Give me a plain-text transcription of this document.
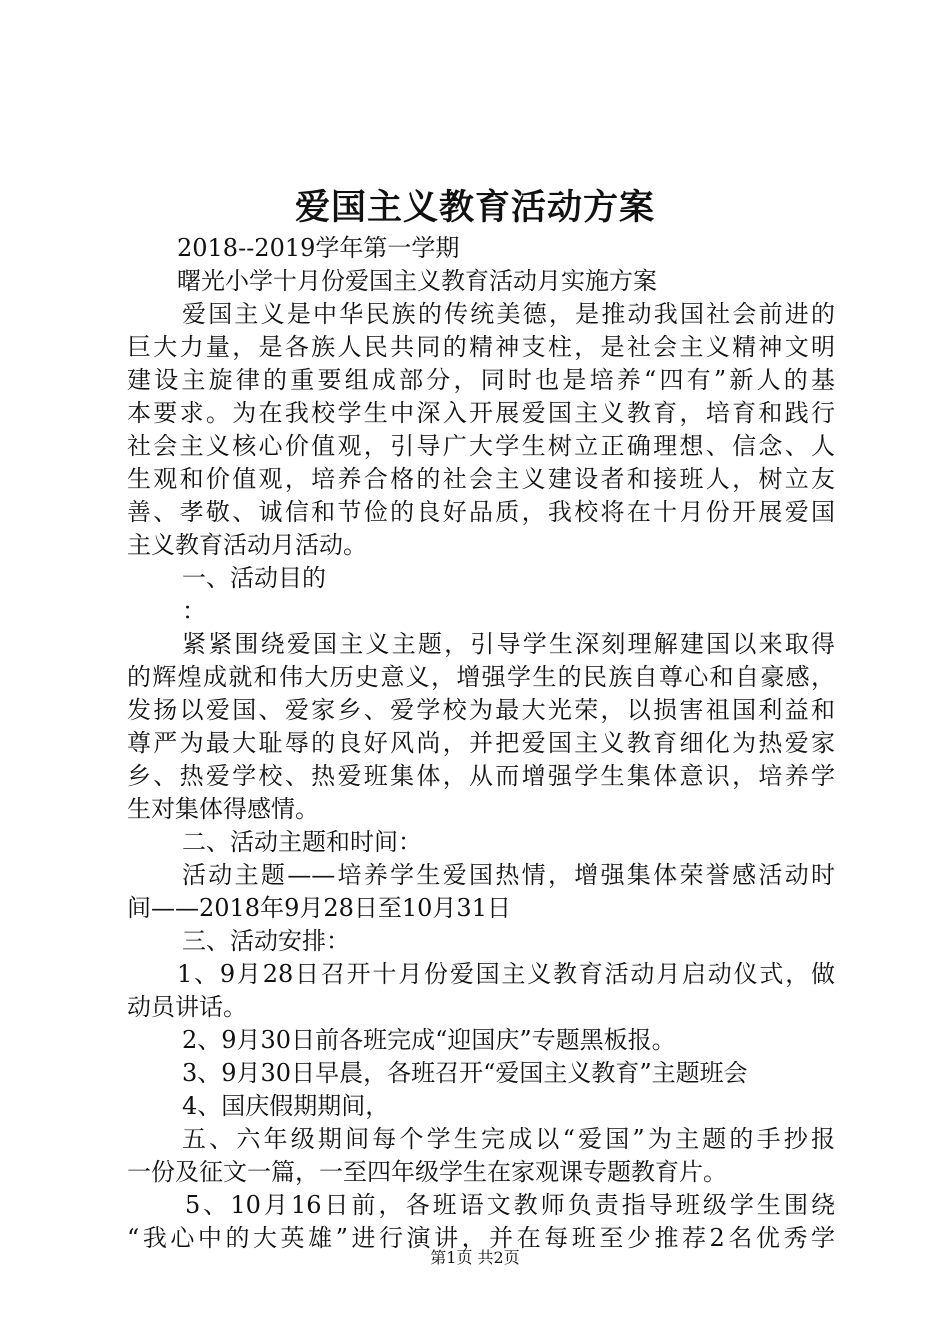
爱国主义教育活动方案
2018--2019学年第一学期
曙光小学十月份爱国主义教育活动月实施方案
爱国主义是中华民族的传统美德，是推动我国社会前进的
巨大力量，是各族人民共同的精神支柱，是社会主义精神文明
建设主旋律的重要组成部分，同时也是培养“四有”新人的基
本要求。为在我校学生中深入开展爱国主义教育，培育和践行
社会主义核心价值观，引导广大学生树立正确理想、信念、人
生观和价值观，培养合格的社会主义建设者和接班人，树立友
善、孝敬、诚信和节俭的良好品质，我校将在十月份开展爱国
主义教育活动月活动。
一、活动目的
：
紧紧围绕爱国主义主题，引导学生深刻理解建国以来取得
的辉煌成就和伟大历史意义，增强学生的民族自尊心和自豪感，
发扬以爱国、爱家乡、爱学校为最大光荣，以损害祖国利益和
尊严为最大耻辱的良好风尚，并把爱国主义教育细化为热爱家
乡、热爱学校、热爱班集体，从而增强学生集体意识，培养学
生对集体得感情。
二、活动主题和时间：
活动主题——培养学生爱国热情，增强集体荣誉感活动时
间——2018年9月28日至10月31日
三、活动安排：
1、9月28日召开十月份爱国主义教育活动月启动仪式，做
动员讲话。
2、9月30日前各班完成“迎国庆”专题黑板报。
3、9月30日早晨，各班召开“爱国主义教育”主题班会
4、国庆假期期间，
五、六年级期间每个学生完成以“爱国”为主题的手抄报
一份及征文一篇，一至四年级学生在家观课专题教育片。
5、10月16日前，各班语文教师负责指导班级学生围绕
“我心中的大英雄”进行演讲，并在每班至少推荐2名优秀学
第1页 共2页
